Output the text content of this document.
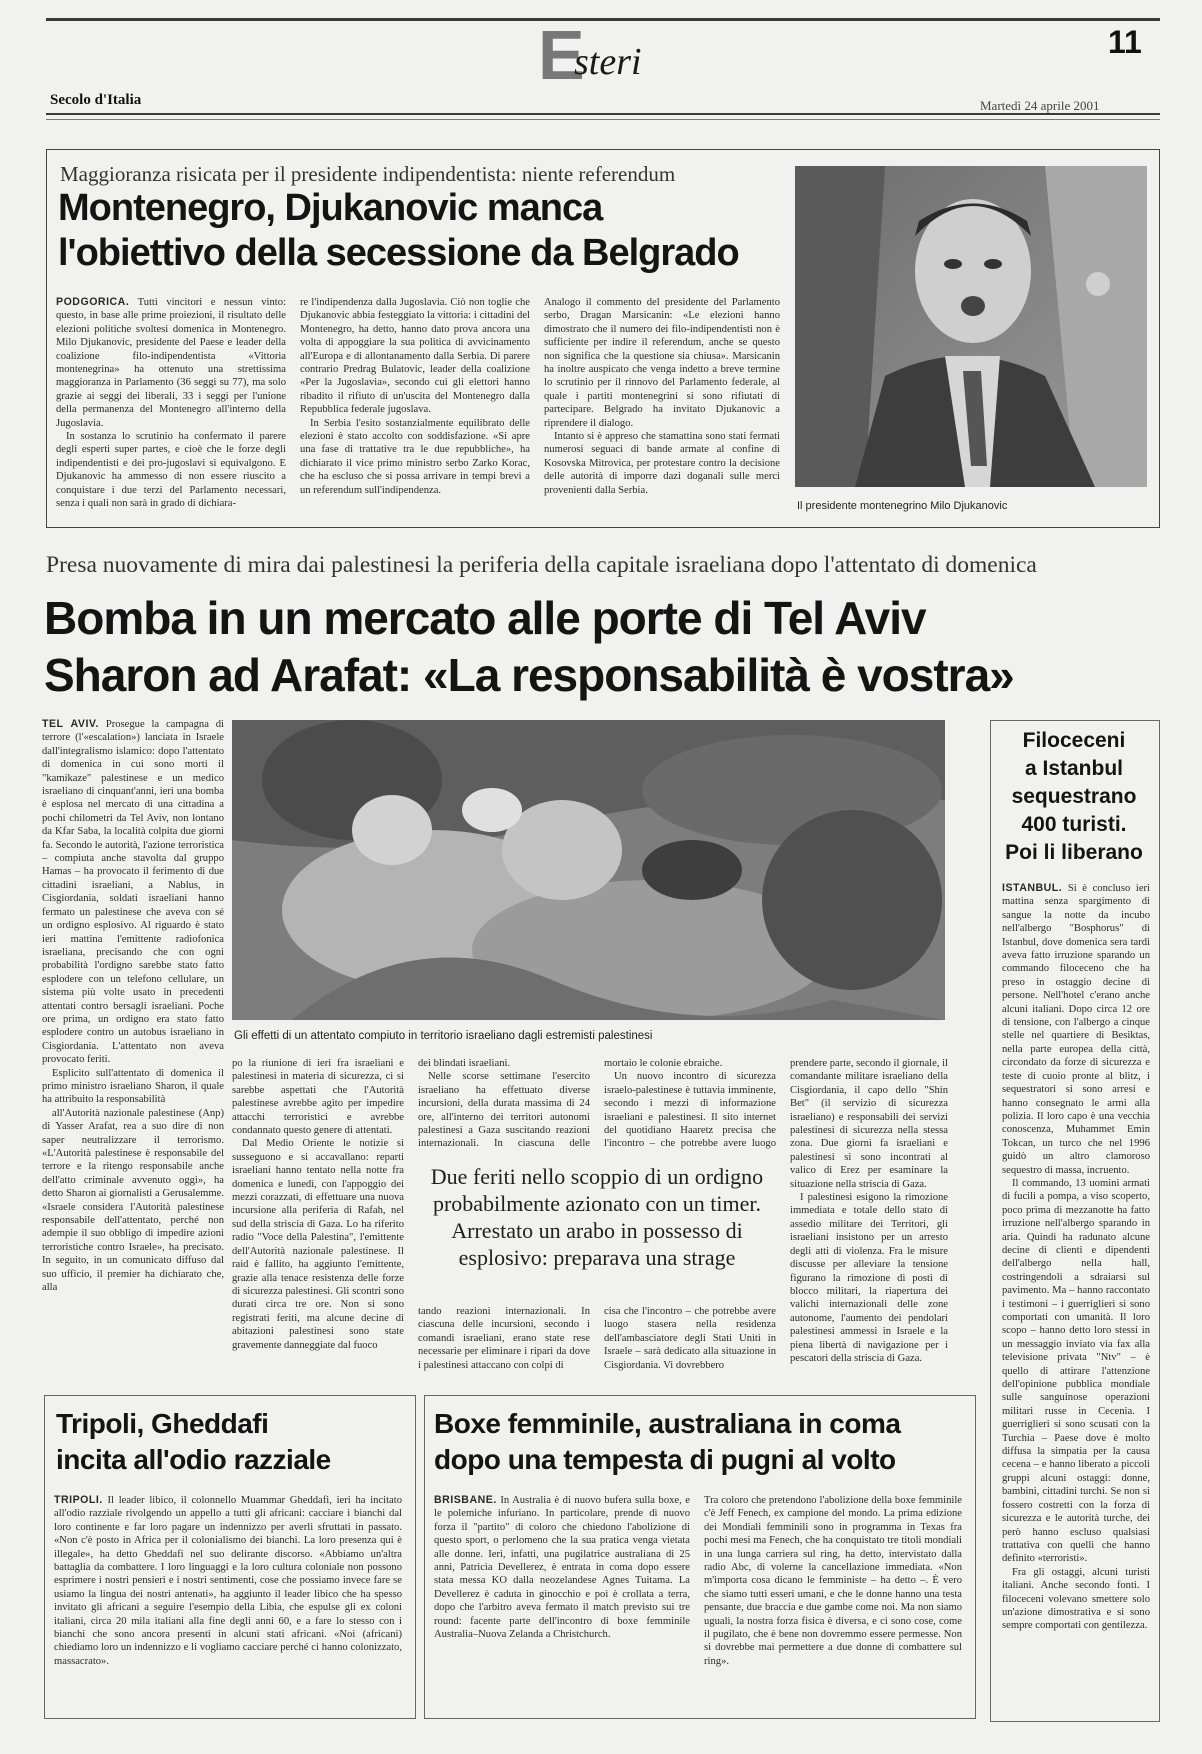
E
steri	11
Secolo d'Italia	Martedì 24 aprile 2001
Maggioranza risicata per il presidente indipendentista: niente referendum
Montenegro, Djukanovic manca
l'obiettivo della secessione da Belgrado

PODGORICA. Tutti vincitori e nessun vinto: questo, in base alle prime proiezioni, il risultato delle elezioni politiche svoltesi domenica in Montenegro. Milo Djukanovic, presidente del Paese e leader della coalizione filo-indipendentista «Vittoria montenegrina» ha ottenuto una strettissima maggioranza in Parlamento (36 seggi su 77), ma solo grazie ai seggi dei liberali, 33 i seggi per l'unione della permanenza del Montenegro all'interno della Jugoslavia.

In sostanza lo scrutinio ha confermato il parere degli esperti super partes, e cioè che le forze degli indipendentisti e dei pro-jugoslavi si equivalgono. E Djukanovic ha ammesso di non essere riuscito a conquistare i due terzi del Parlamento necessari, senza i quali non sarà in grado di dichiara-

re l'indipendenza dalla Jugoslavia. Ciò non toglie che Djukanovic abbia festeggiato la vittoria: i cittadini del Montenegro, ha detto, hanno dato prova ancora una volta di appoggiare la sua politica di avvicinamento all'Europa e di allontanamento dalla Serbia. Di parere contrario Predrag Bulatovic, leader della coalizione «Per la Jugoslavia», secondo cui gli elettori hanno ribadito il rifiuto di un'uscita del Montenegro dalla Repubblica federale jugoslava.

In Serbia l'esito sostanzialmente equilibrato delle elezioni è stato accolto con soddisfazione. «Si apre una fase di trattative tra le due repubbliche», ha dichiarato il vice primo ministro serbo Zarko Korac, che ha escluso che si possa arrivare in tempi brevi a un referendum sull'indipendenza.

Analogo il commento del presidente del Parlamento serbo, Dragan Marsicanin: «Le elezioni hanno dimostrato che il numero dei filo-indipendentisti non è sufficiente per indire il referendum, anche se questo non significa che la questione sia chiusa». Marsicanin ha inoltre auspicato che venga indetto a breve termine lo scrutinio per il rinnovo del Parlamento federale, al quale i partiti montenegrini si sono rifiutati di partecipare. Belgrado ha invitato Djukanovic a riprendere il dialogo.

Intanto si è appreso che stamattina sono stati fermati numerosi seguaci di bande armate al confine di Kosovska Mitrovica, per protestare contro la decisione delle autorità di imporre dazi doganali sulle merci provenienti dalla Serbia.

Il presidente montenegrino Milo Djukanovic
Presa nuovamente di mira dai palestinesi la periferia della capitale israeliana dopo l'attentato di domenica
Sharon ad Arafat: «La responsabilità è vostra»
Bomba in un mercato alle porte di Tel Aviv

TEL AVIV. Prosegue la campagna di terrore (l'«escalation») lanciata in Israele dall'integralismo islamico: dopo l'attentato di domenica in cui sono morti il "kamikaze" palestinese e un medico israeliano di cinquant'anni, ieri una bomba è esplosa nel mercato di una cittadina a pochi chilometri da Tel Aviv, non lontano da Kfar Saba, la località colpita due giorni fa. Secondo le autorità, l'azione terroristica – compiuta anche stavolta dal gruppo Hamas – ha provocato il ferimento di due cittadini israeliani, a Nablus, in Cisgiordania, soldati israeliani hanno fermato un palestinese che aveva con sé un ordigno esplosivo. Al riguardo è stato ieri mattina l'emittente radiofonica israeliana, precisando che con ogni probabilità l'ordigno sarebbe stato fatto esplodere con un telefono cellulare, un sistema più volte usato in precedenti attentati contro bersagli israeliani. Poche ore prima, un ordigno era stato fatto esplodere contro un autobus israeliano in Cisgiordania. L'attentato non aveva provocato feriti.

Esplicito sull'attentato di domenica il primo ministro israeliano Sharon, il quale ha attribuito la responsabilità

all'Autorità nazionale palestinese (Anp) di Yasser Arafat, rea a suo dire di non saper neutralizzare il terrorismo. «L'Autorità palestinese è responsabile del terrore e la ritengo responsabile anche dell'atto criminale avvenuto oggi», ha detto Sharon ai giornalisti a Gerusalemme. «Israele considera l'Autorità palestinese responsabile dell'attentato, perché non adempie il suo obbligo di impedire azioni terroristiche contro Israele», ha precisato. In seguito, in un comunicato diffuso dal suo ufficio, il premier ha dichiarato che, alla

Gli effetti di un attentato compiuto in territorio israeliano dagli estremisti palestinesi

po la riunione di ieri fra israeliani e palestinesi in materia di sicurezza, ci si sarebbe aspettati che l'Autorità palestinese avrebbe agito per impedire attacchi terroristici e avrebbe condannato questo genere di attentati.

Dal Medio Oriente le notizie si susseguono e si accavallano: reparti israeliani hanno tentato nella notte fra domenica e lunedì, con l'appoggio dei mezzi corazzati, di effettuare una nuova incursione alla periferia di Rafah, nel sud della striscia di Gaza. Lo ha riferito radio "Voce della Palestina", l'emittente dell'Autorità nazionale palestinese. Il raid è fallito, ha aggiunto l'emittente, grazie alla tenace resistenza delle forze di sicurezza palestinesi. Gli scontri sono durati circa tre ore. Non si sono registrati feriti, ma alcune decine di abitazioni palestinesi sono state gravemente danneggiate dal fuoco

dei blindati israeliani.

Nelle scorse settimane l'esercito israeliano ha effettuato diverse incursioni, della durata massima di 24 ore, all'interno dei territori autonomi palestinesi a Gaza suscitando reazioni internazionali. In ciascuna delle

mortaio le colonie ebraiche.

Un nuovo incontro di sicurezza israelo-palestinese è tuttavia imminente, secondo i mezzi di informazione israeliani e palestinesi. Il sito internet del quotidiano Haaretz precisa che l'incontro – che potrebbe avere luogo

prendere parte, secondo il giornale, il comandante militare israeliano della Cisgiordania, il capo dello "Shin Bet" (il servizio di sicurezza israeliano) e responsabili dei servizi palestinesi di sicurezza nella stessa zona. Due giorni fa israeliani e palestinesi si sono incontrati al valico di Erez per esaminare la situazione nella striscia di Gaza.

I palestinesi esigono la rimozione immediata e totale dello stato di assedio militare dei Territori, gli israeliani insistono per un arresto degli atti di violenza. Fra le misure discusse per alleviare la tensione figurano la rimozione di posti di blocco militari, la riapertura dei valichi internazionali delle zone autonome, l'aumento dei pendolari palestinesi ammessi in Israele e la piena libertà di navigazione per i pescatori della striscia di Gaza.

Due feriti nello scoppio di un ordigno
probabilmente azionato con un timer.
Arrestato un arabo in possesso di
esplosivo: preparava una strage

tando reazioni internazionali. In ciascuna delle incursioni, secondo i comandi israeliani, erano state rese necessarie per eliminare i ripari da dove i palestinesi attaccano con colpi di

cisa che l'incontro – che potrebbe avere luogo stasera nella residenza dell'ambasciatore degli Stati Uniti in Israele – sarà dedicato alla situazione in Cisgiordania. Vi dovrebbero

Filoceceni
a Istanbul
sequestrano
400 turisti.
Poi li liberano

ISTANBUL. Si è concluso ieri mattina senza spargimento di sangue la notte da incubo nell'albergo "Bosphorus" di Istanbul, dove domenica sera tardi aveva fatto irruzione sparando un commando filoceceno che ha preso in ostaggio decine di persone. Nell'hotel c'erano anche alcuni italiani. Dopo circa 12 ore di tensione, con l'albergo a cinque stelle nel quartiere di Besiktas, nella parte europea della città, circondato da forze di sicurezza e teste di cuoio pronte al blitz, i sequestratori si sono arresi e hanno consegnato le armi alla polizia. Il loro capo è una vecchia conoscenza, Muhammet Emin Tokcan, un turco che nel 1996 guidò un altro clamoroso sequestro di massa, incruento.

Il commando, 13 uomini armati di fucili a pompa, a viso scoperto, poco prima di mezzanotte ha fatto irruzione nell'albergo sparando in aria. Quindi ha radunato alcune decine di clienti e dipendenti dell'albergo nella hall, costringendoli a sdraiarsi sul pavimento. Ma – hanno raccontato i testimoni – i guerriglieri si sono comportati con umanità. Il loro scopo – hanno detto loro stessi in un messaggio inviato via fax alla televisione privata "Ntv" – è quello di attirare l'attenzione dell'opinione pubblica mondiale sulle sanguinose operazioni militari russe in Cecenia. I guerriglieri si sono scusati con la Turchia – Paese dove è molto diffusa la simpatia per la causa cecena – e hanno liberato a piccoli gruppi alcuni ostaggi: donne, bambini, cittadini turchi. Se non si fossero costretti con la forza di sicurezza e le autorità turche, dei però hanno escluso qualsiasi trattativa con quelli che hanno definito «terroristi».

Fra gli ostaggi, alcuni turisti italiani. Anche secondo fonti. I filoceceni volevano smettere solo un'azione dimostrativa e si sono sempre comportati con gentilezza.

Tripoli, Gheddafi
incita all'odio razziale

TRIPOLI. Il leader libico, il colonnello Muammar Gheddafi, ieri ha incitato all'odio razziale rivolgendo un appello a tutti gli africani: cacciare i bianchi dal loro continente e far loro pagare un indennizzo per averli sfruttati in passato. «Non c'è posto in Africa per il colonialismo dei bianchi. La loro presenza qui è illegale», ha detto Gheddafi nel suo delirante discorso. «Abbiamo un'altra battaglia da combattere. I loro linguaggi e la loro cultura coloniale non possono esprimere i nostri pensieri e i nostri sentimenti, cose che possiamo invece fare se usiamo la lingua dei nostri antenati», ha aggiunto il leader libico che ha spesso invitato gli africani a seguire l'esempio della Libia, che espulse gli ex coloni italiani, circa 20 mila italiani alla fine degli anni 60, e a fare lo stesso con i bianchi che sono ancora presenti in alcuni stati africani. «Noi (africani) chiediamo loro un indennizzo e li vogliamo cacciare perché ci hanno colonizzato, massacrato».

Boxe femminile, australiana in coma
dopo una tempesta di pugni al volto

BRISBANE. In Australia è di nuovo bufera sulla boxe, e le polemiche infuriano. In particolare, prende di nuovo forza il "partito" di coloro che chiedono l'abolizione di questo sport, o perlomeno che la sua pratica venga vietata alle donne. Ieri, infatti, una pugilatrice australiana di 25 anni, Patricia Devellerez, è entrata in coma dopo essere stata messa KO dalla neozelandese Agnes Tuitama. La Devellerez è caduta in ginocchio e poi è crollata a terra, dopo che l'arbitro aveva fermato il match previsto sui tre round: facente parte dell'incontro di boxe femminile Australia–Nuova Zelanda a Christchurch.

Tra coloro che pretendono l'abolizione della boxe femminile c'è Jeff Fenech, ex campione del mondo. La prima edizione dei Mondiali femminili sono in programma in Texas fra pochi mesi ma Fenech, che ha conquistato tre titoli mondiali in una lunga carriera sul ring, ha detto, intervistato dalla radio Abc, di volerne la cancellazione immediata. «Non m'importa cosa dicano le femministe – ha detto –. È vero che siamo tutti esseri umani, e che le donne hanno una testa pensante, due braccia e due gambe come noi. Ma non siamo uguali, la nostra forza fisica è diversa, e ci sono cose, come il pugilato, che è bene non dovremmo essere permesse. Non si dovrebbe mai permettere a due donne di combattere sul ring».
